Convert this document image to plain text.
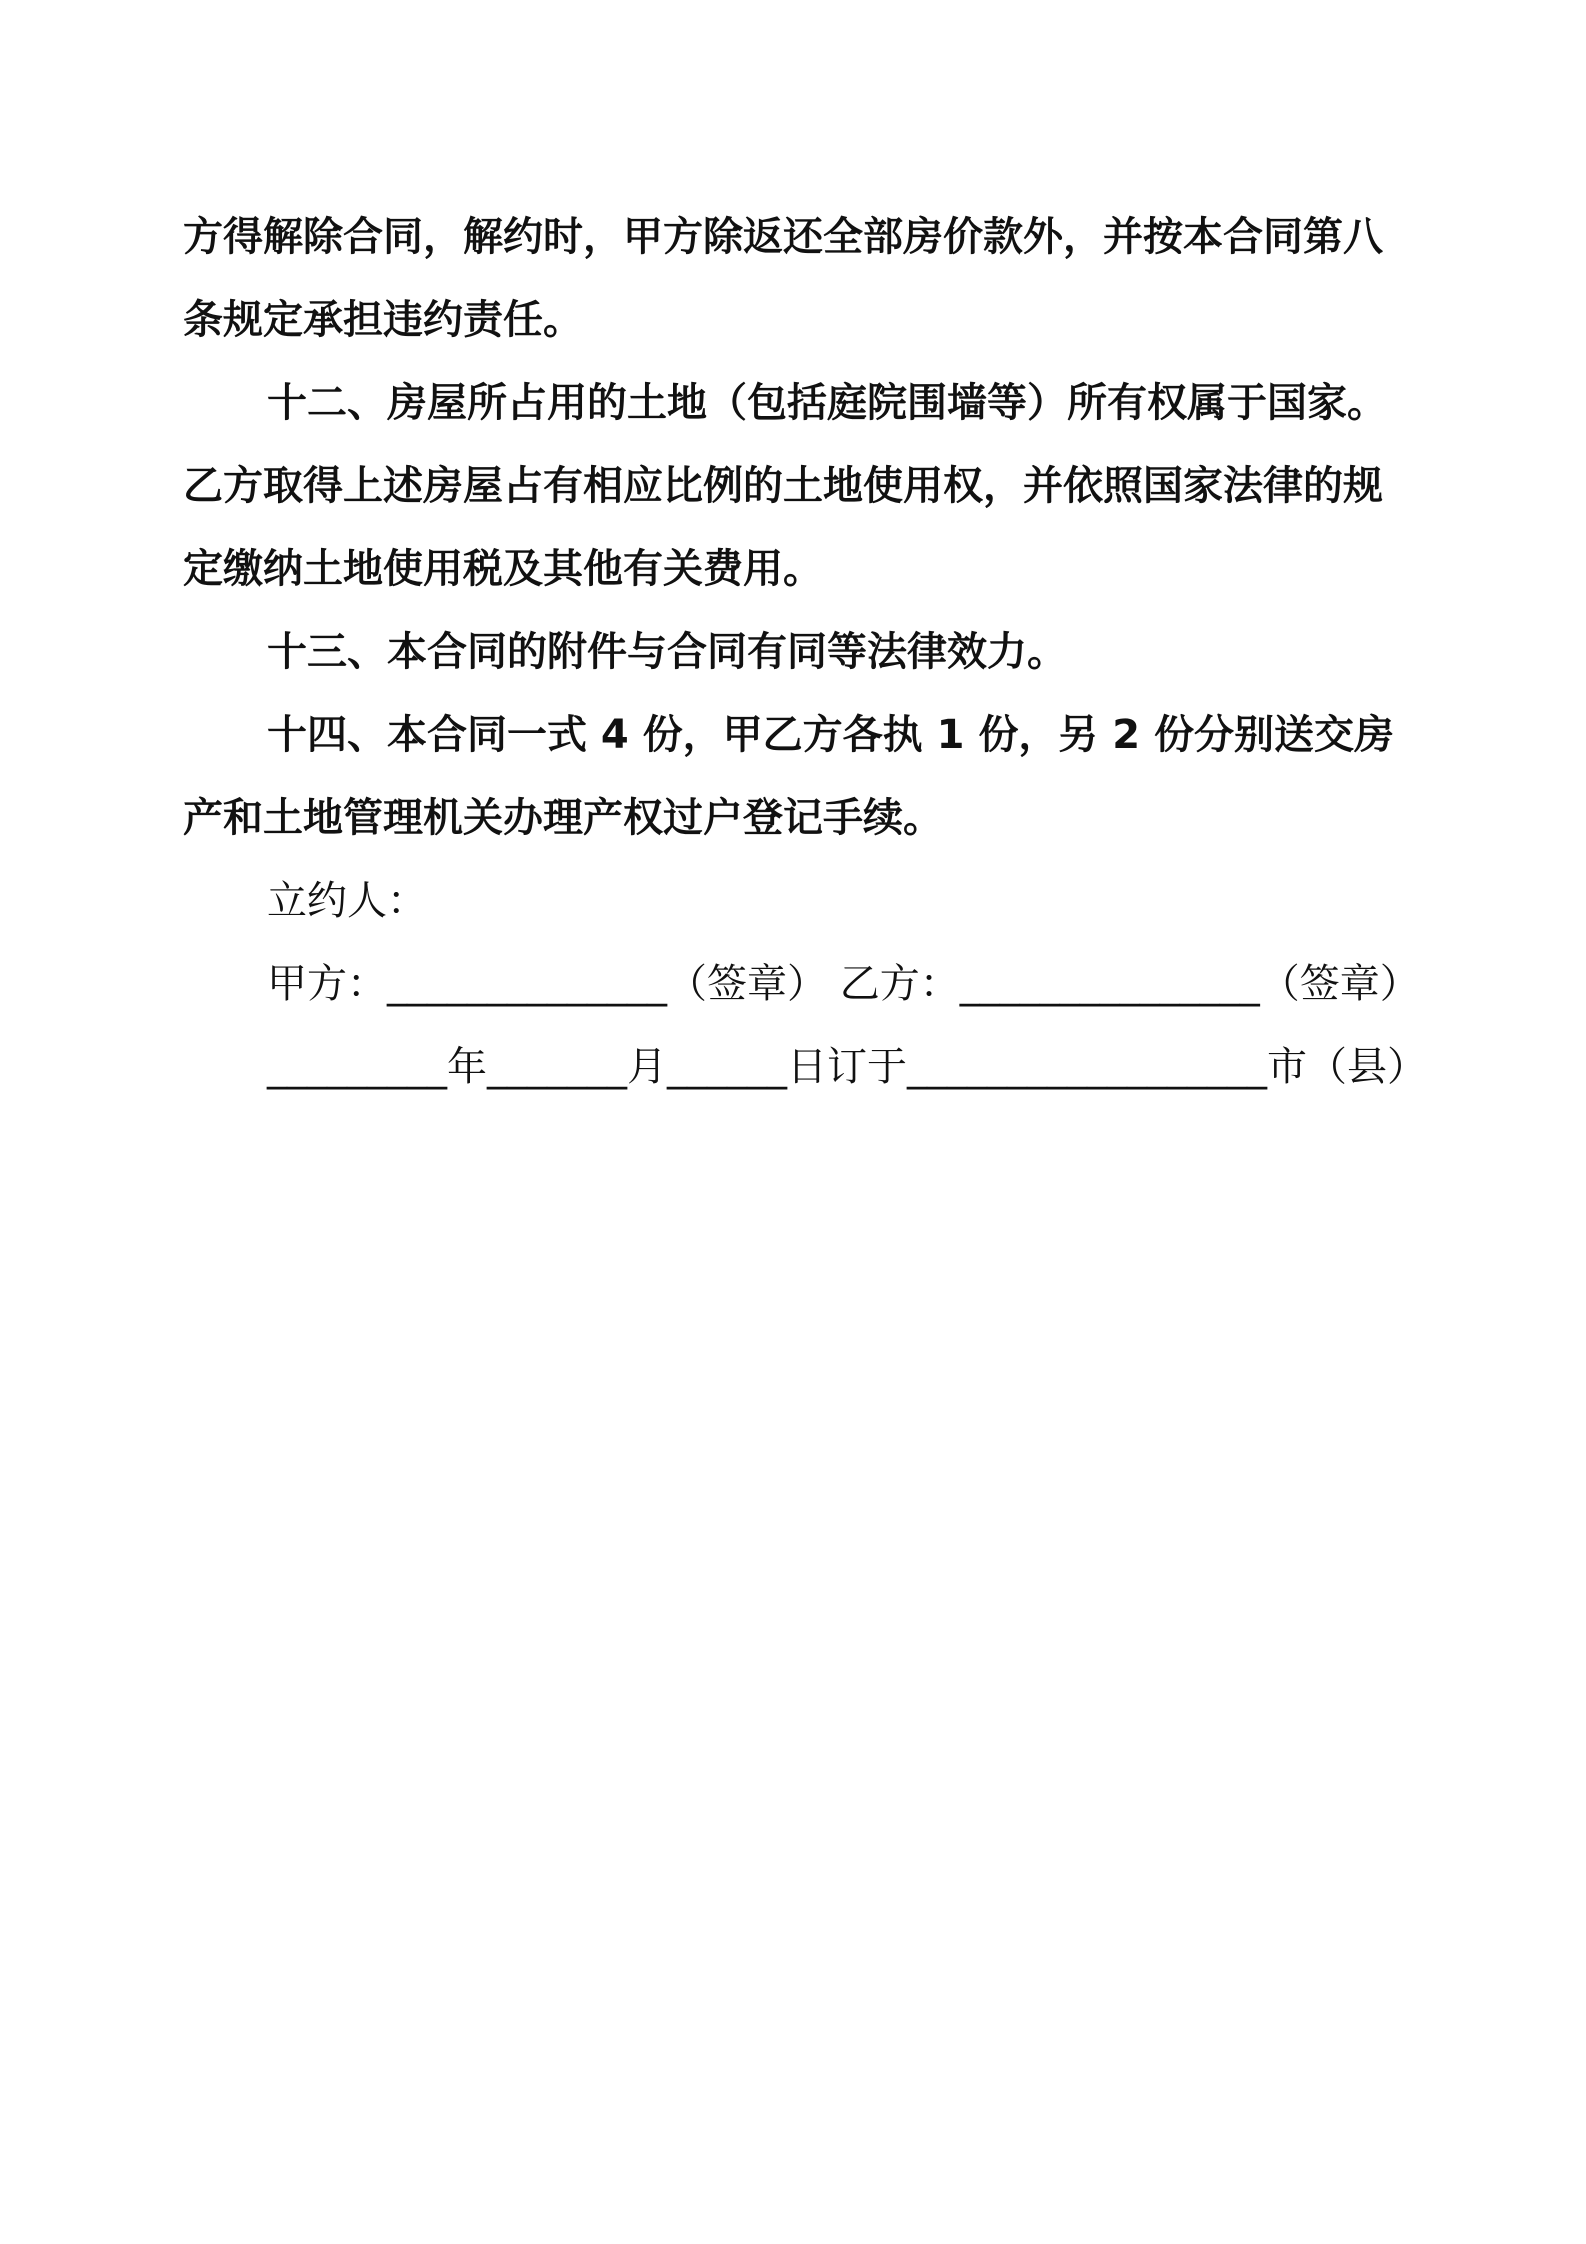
方得解除合同，解约时，甲方除返还全部房价款外，并按本合同第八条规定承担违约责任。

十二、房屋所占用的土地（包括庭院围墙等）所有权属于国家。乙方取得上述房屋占有相应比例的土地使用权，并依照国家法律的规定缴纳土地使用税及其他有关费用。

十三、本合同的附件与合同有同等法律效力。

十四、本合同一式 4 份，甲乙方各执 1 份，另 2 份分别送交房产和土地管理机关办理产权过户登记手续。

立约人：

甲方：______________（签章） 乙方：_______________（签章）

_________年_______月______日订于__________________市（县）
